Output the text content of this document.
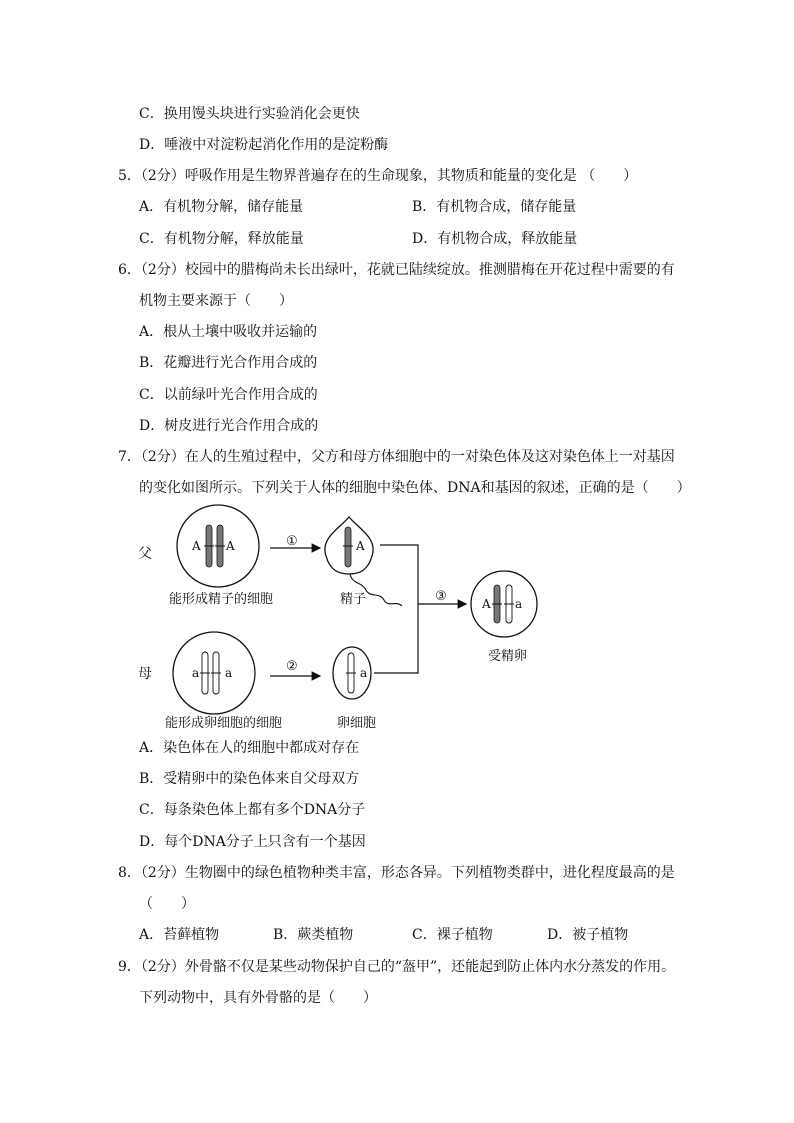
C．换用馒头块进行实验消化会更快
D．唾液中对淀粉起消化作用的是淀粉酶
5．（2分）呼吸作用是生物界普遍存在的生命现象，其物质和能量的变化是 （　　）
A．有机物分解，储存能量	B．有机物合成，储存能量
C．有机物分解，释放能量	D．有机物合成，释放能量
6．（2分）校园中的腊梅尚未长出绿叶，花就已陆续绽放。推测腊梅在开花过程中需要的有
机物主要来源于（　　）
A．根从土壤中吸收并运输的
B．花瓣进行光合作用合成的
C．以前绿叶光合作用合成的
D．树皮进行光合作用合成的
7．（2分）在人的生殖过程中，父方和母方体细胞中的一对染色体及这对染色体上一对基因
的变化如图所示。下列关于人体的细胞中染色体、DNA和基因的叙述，正确的是（　　）
父	A A
能形成精子的细胞
①	A
精子
母	a a
能形成卵细胞的细胞
②	a
卵细胞
③	A a
受精卵
A．染色体在人的细胞中都成对存在
B．受精卵中的染色体来自父母双方
C．每条染色体上都有多个DNA分子
D．每个DNA分子上只含有一个基因
8．（2分）生物圈中的绿色植物种类丰富，形态各异。下列植物类群中，进化程度最高的是
（　　）
A．苔藓植物	B．蕨类植物	C．裸子植物	D．被子植物
9．（2分）外骨骼不仅是某些动物保护自己的“盔甲”，还能起到防止体内水分蒸发的作用。
下列动物中，具有外骨骼的是（　　）
